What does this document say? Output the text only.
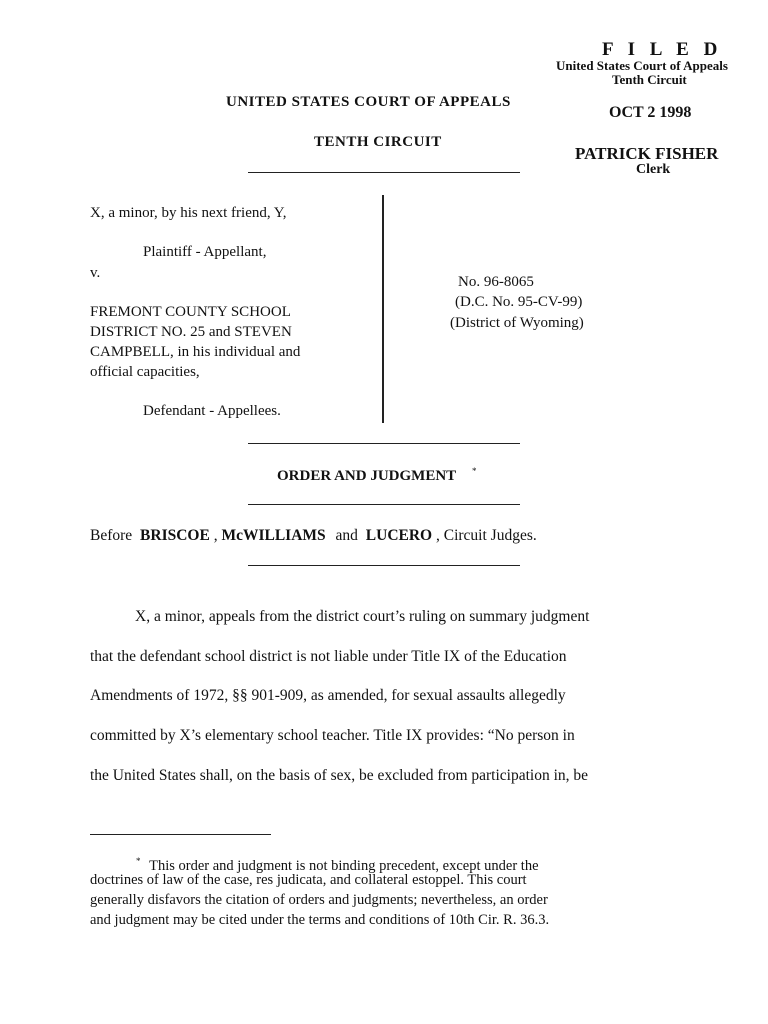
F I L E D
United States Court of Appeals
Tenth Circuit
OCT 2 1998
PATRICK FISHER
Clerk
UNITED STATES COURT OF APPEALS
TENTH CIRCUIT
X, a minor, by his next friend, Y,
Plaintiff - Appellant,
v.
FREMONT COUNTY SCHOOL
DISTRICT NO. 25 and STEVEN
CAMPBELL, in his individual and
official capacities,
Defendant - Appellees.
No. 96-8065
(D.C. No. 95-CV-99)
(District of Wyoming)
ORDER AND JUDGMENT *
Before BRISCOE , McWILLIAMS and LUCERO , Circuit Judges.
X, a minor, appeals from the district court’s ruling on summary judgment
that the defendant school district is not liable under Title IX of the Education
Amendments of 1972, §§ 901-909, as amended, for sexual assaults allegedly
committed by X’s elementary school teacher. Title IX provides: “No person in
the United States shall, on the basis of sex, be excluded from participation in, be
* This order and judgment is not binding precedent, except under the
doctrines of law of the case, res judicata, and collateral estoppel. This court
generally disfavors the citation of orders and judgments; nevertheless, an order
and judgment may be cited under the terms and conditions of 10th Cir. R. 36.3.
